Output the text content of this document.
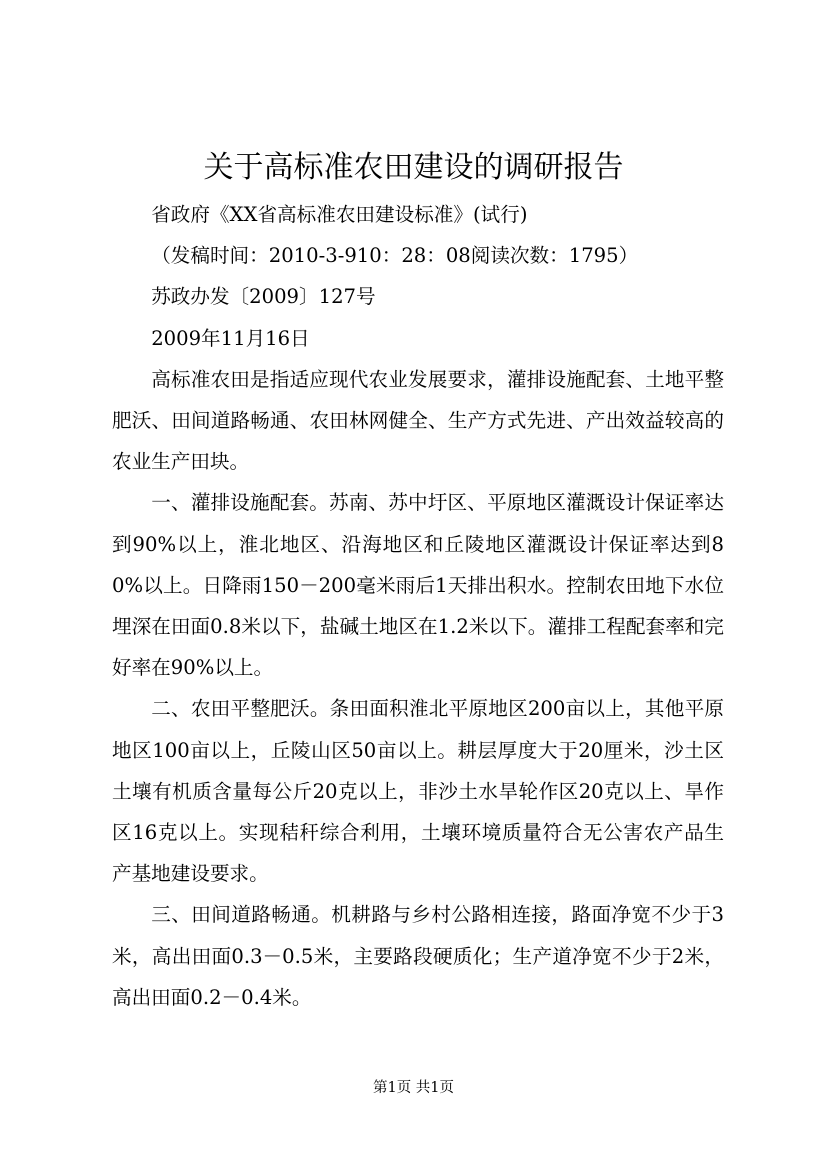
关于高标准农田建设的调研报告

省政府《XX省高标准农田建设标准》(试行)

（发稿时间：2010-3-910：28：08阅读次数：1795）

苏政办发〔2009〕127号

2009年11月16日

高标准农田是指适应现代农业发展要求，灌排设施配套、土地平整肥沃、田间道路畅通、农田林网健全、生产方式先进、产出效益较高的农业生产田块。

一、灌排设施配套。苏南、苏中圩区、平原地区灌溉设计保证率达到90%以上，淮北地区、沿海地区和丘陵地区灌溉设计保证率达到80%以上。日降雨150－200毫米雨后1天排出积水。控制农田地下水位埋深在田面0.8米以下，盐碱土地区在1.2米以下。灌排工程配套率和完好率在90%以上。

二、农田平整肥沃。条田面积淮北平原地区200亩以上，其他平原地区100亩以上，丘陵山区50亩以上。耕层厚度大于20厘米，沙土区土壤有机质含量每公斤20克以上，非沙土水旱轮作区20克以上、旱作区16克以上。实现秸秆综合利用，土壤环境质量符合无公害农产品生产基地建设要求。

三、田间道路畅通。机耕路与乡村公路相连接，路面净宽不少于3米，高出田面0.3－0.5米，主要路段硬质化；生产道净宽不少于2米，高出田面0.2－0.4米。

第1页 共1页
